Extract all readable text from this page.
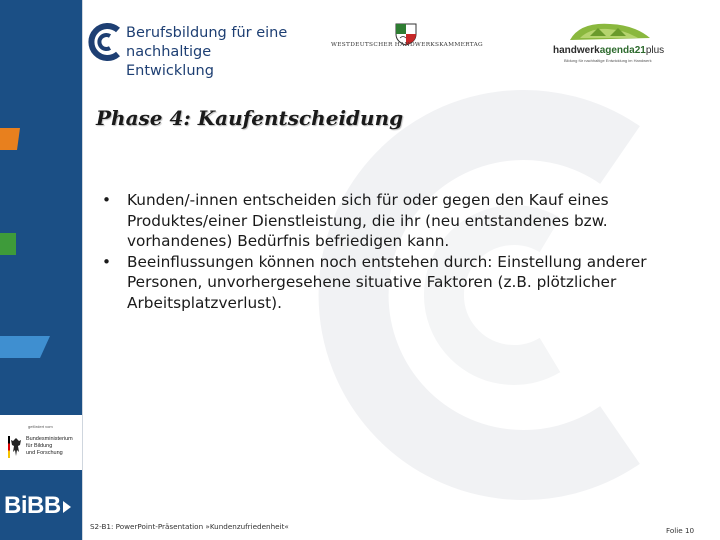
gefördert vom
Bundesministerium
für Bildung
und Forschung
BiBB
Berufsbildung für eine
nachhaltige Entwicklung
WESTDEUTSCHER HANDWERKSKAMMERTAG	handwerkagenda21plus
Bildung für nachhaltige Entwicklung im Handwerk
Phase 4: Kaufentscheidung
• Kunden/-innen entscheiden sich für oder gegen den Kauf eines Produktes/einer Dienstleistung, die ihr (neu entstandenes bzw. vorhandenes) Bedürfnis befriedigen kann.
• Beeinflussungen können noch entstehen durch: Einstellung anderer Personen, unvorhergesehene situative Faktoren (z.B. plötzlicher Arbeitsplatzverlust).
S2-B1: PowerPoint-Präsentation »Kundenzufriedenheit«	Folie 10
